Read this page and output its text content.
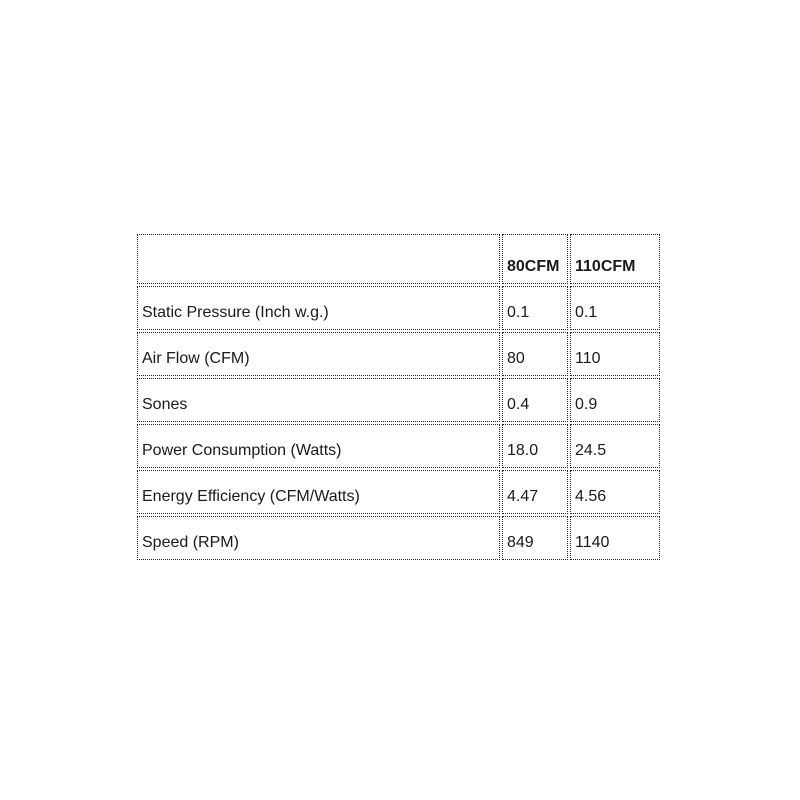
	80CFM	110CFM
Static Pressure (Inch w.g.)	0.1	0.1
Air Flow (CFM)	80	110
Sones	0.4	0.9
Power Consumption (Watts)	18.0	24.5
Energy Efficiency (CFM/Watts)	4.47	4.56
Speed (RPM)	849	1140
